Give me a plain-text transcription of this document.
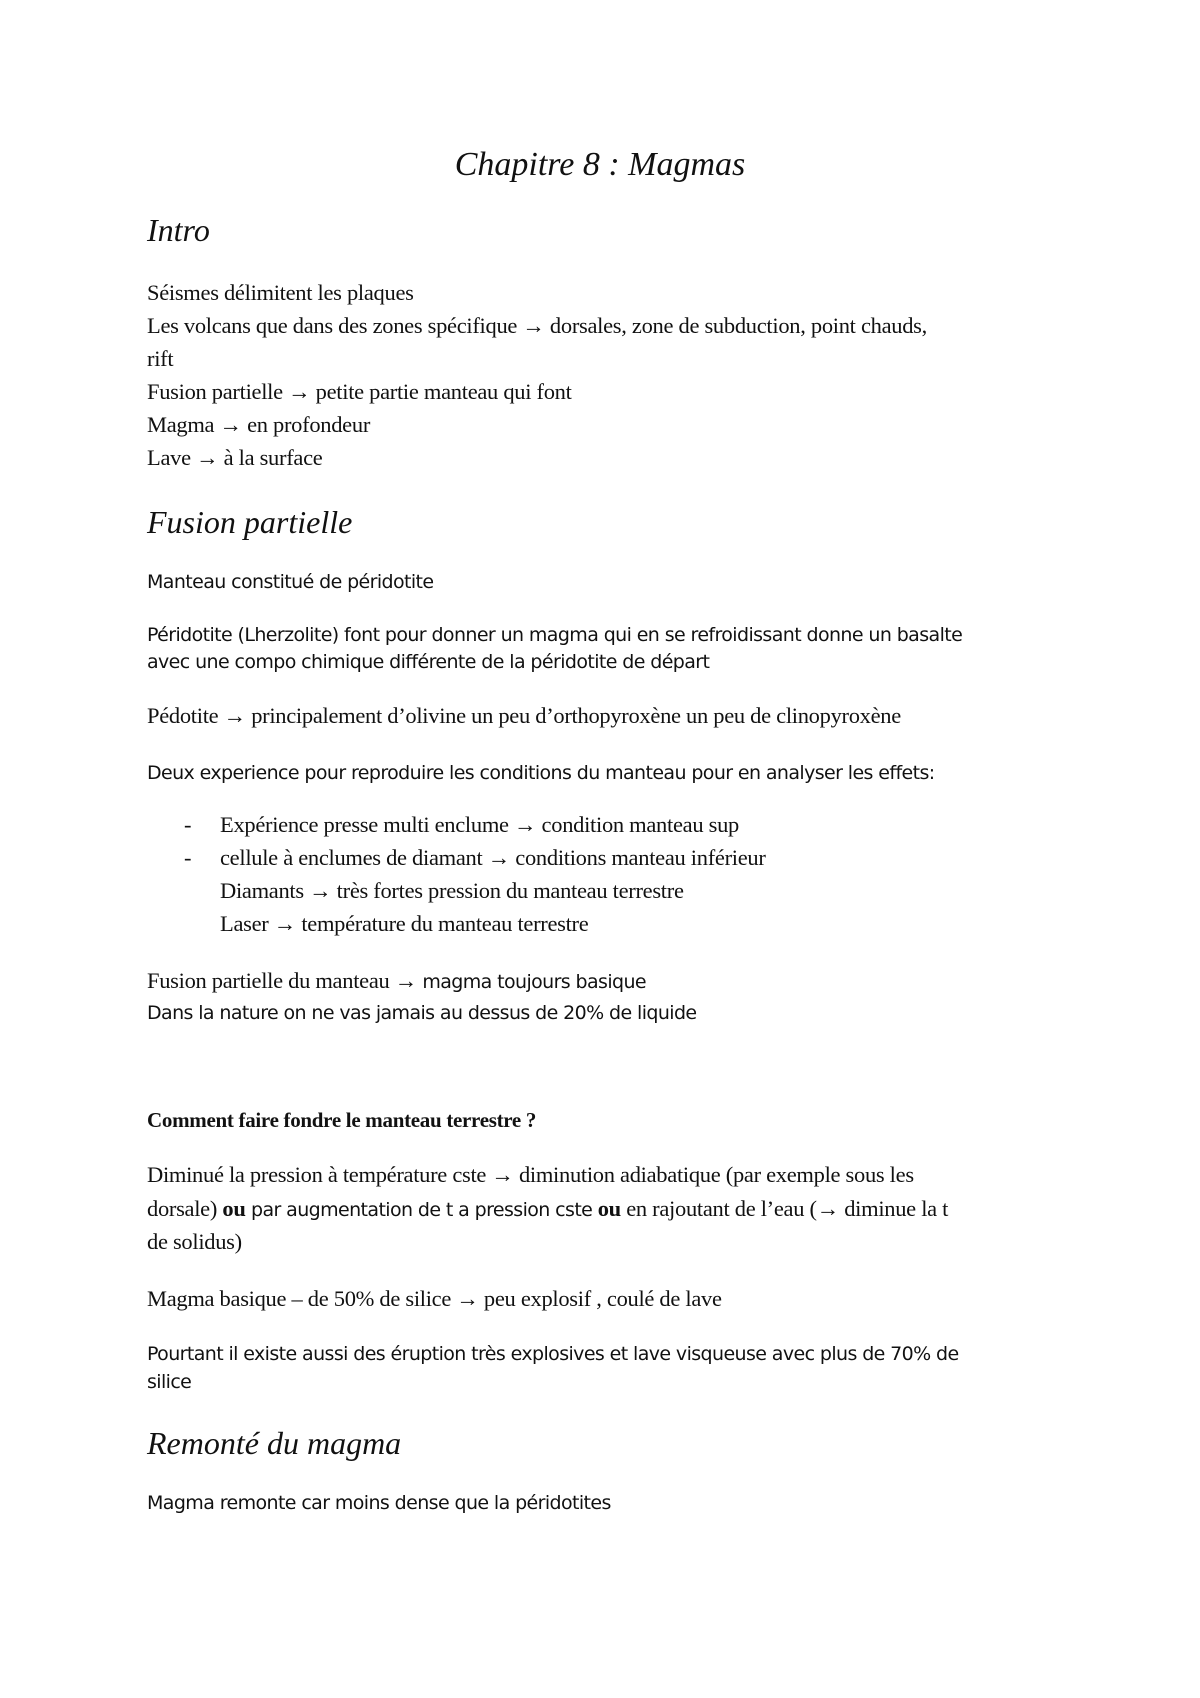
Chapitre 8 : Magmas
Intro
Séismes délimitent les plaques
Les volcans que dans des zones spécifique → dorsales, zone de subduction, point chauds,
rift
Fusion partielle → petite partie manteau qui font
Magma → en profondeur
Lave → à la surface
Fusion partielle
Manteau constitué de péridotite
Péridotite (Lherzolite) font pour donner un magma qui en se refroidissant donne un basalte
avec une compo chimique différente de la péridotite de départ
Pédotite → principalement d’olivine un peu d’orthopyroxène un peu de clinopyroxène
Deux experience pour reproduire les conditions du manteau pour en analyser les effets:
- Expérience presse multi enclume → condition manteau sup
- cellule à enclumes de diamant → conditions manteau inférieur
Diamants → très fortes pression du manteau terrestre
Laser → température du manteau terrestre
Fusion partielle du manteau → magma toujours basique
Dans la nature on ne vas jamais au dessus de 20% de liquide
Comment faire fondre le manteau terrestre ?
Diminué la pression à température cste → diminution adiabatique (par exemple sous les
dorsale) ou par augmentation de t a pression cste ou en rajoutant de l’eau (→ diminue la t
de solidus)
Magma basique – de 50% de silice → peu explosif , coulé de lave
Pourtant il existe aussi des éruption très explosives et lave visqueuse avec plus de 70% de
silice
Remonté du magma
Magma remonte car moins dense que la péridotites
